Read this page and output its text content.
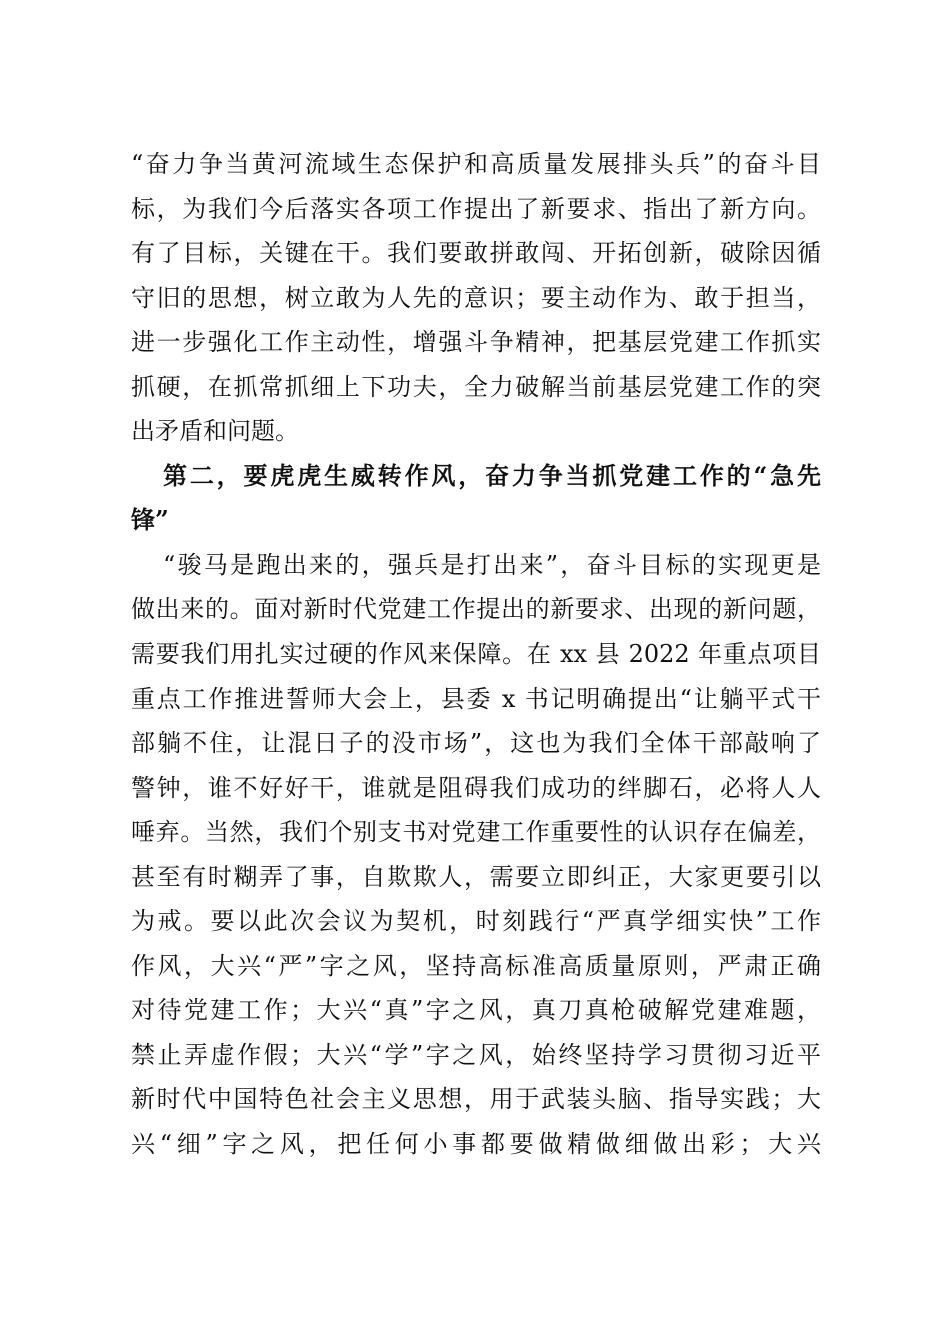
“奋力争当黄河流域生态保护和高质量发展排头兵”的奋斗目
标，为我们今后落实各项工作提出了新要求、指出了新方向。
有了目标，关键在干。我们要敢拼敢闯、开拓创新，破除因循
守旧的思想，树立敢为人先的意识；要主动作为、敢于担当，
进一步强化工作主动性，增强斗争精神，把基层党建工作抓实
抓硬，在抓常抓细上下功夫，全力破解当前基层党建工作的突
出矛盾和问题。
第二，要虎虎生威转作风，奋力争当抓党建工作的“急先
锋”
“骏马是跑出来的，强兵是打出来”，奋斗目标的实现更是
做出来的。面对新时代党建工作提出的新要求、出现的新问题，
需要我们用扎实过硬的作风来保障。在 xx 县 2022 年重点项目
重点工作推进誓师大会上，县委 x 书记明确提出“让躺平式干
部躺不住，让混日子的没市场”，这也为我们全体干部敲响了
警钟，谁不好好干，谁就是阻碍我们成功的绊脚石，必将人人
唾弃。当然，我们个别支书对党建工作重要性的认识存在偏差，
甚至有时糊弄了事，自欺欺人，需要立即纠正，大家更要引以
为戒。要以此次会议为契机，时刻践行“严真学细实快”工作
作风，大兴“严”字之风，坚持高标准高质量原则，严肃正确
对待党建工作；大兴“真”字之风，真刀真枪破解党建难题，
禁止弄虚作假；大兴“学”字之风，始终坚持学习贯彻习近平
新时代中国特色社会主义思想，用于武装头脑、指导实践；大
兴“细”字之风，把任何小事都要做精做细做出彩；大兴
